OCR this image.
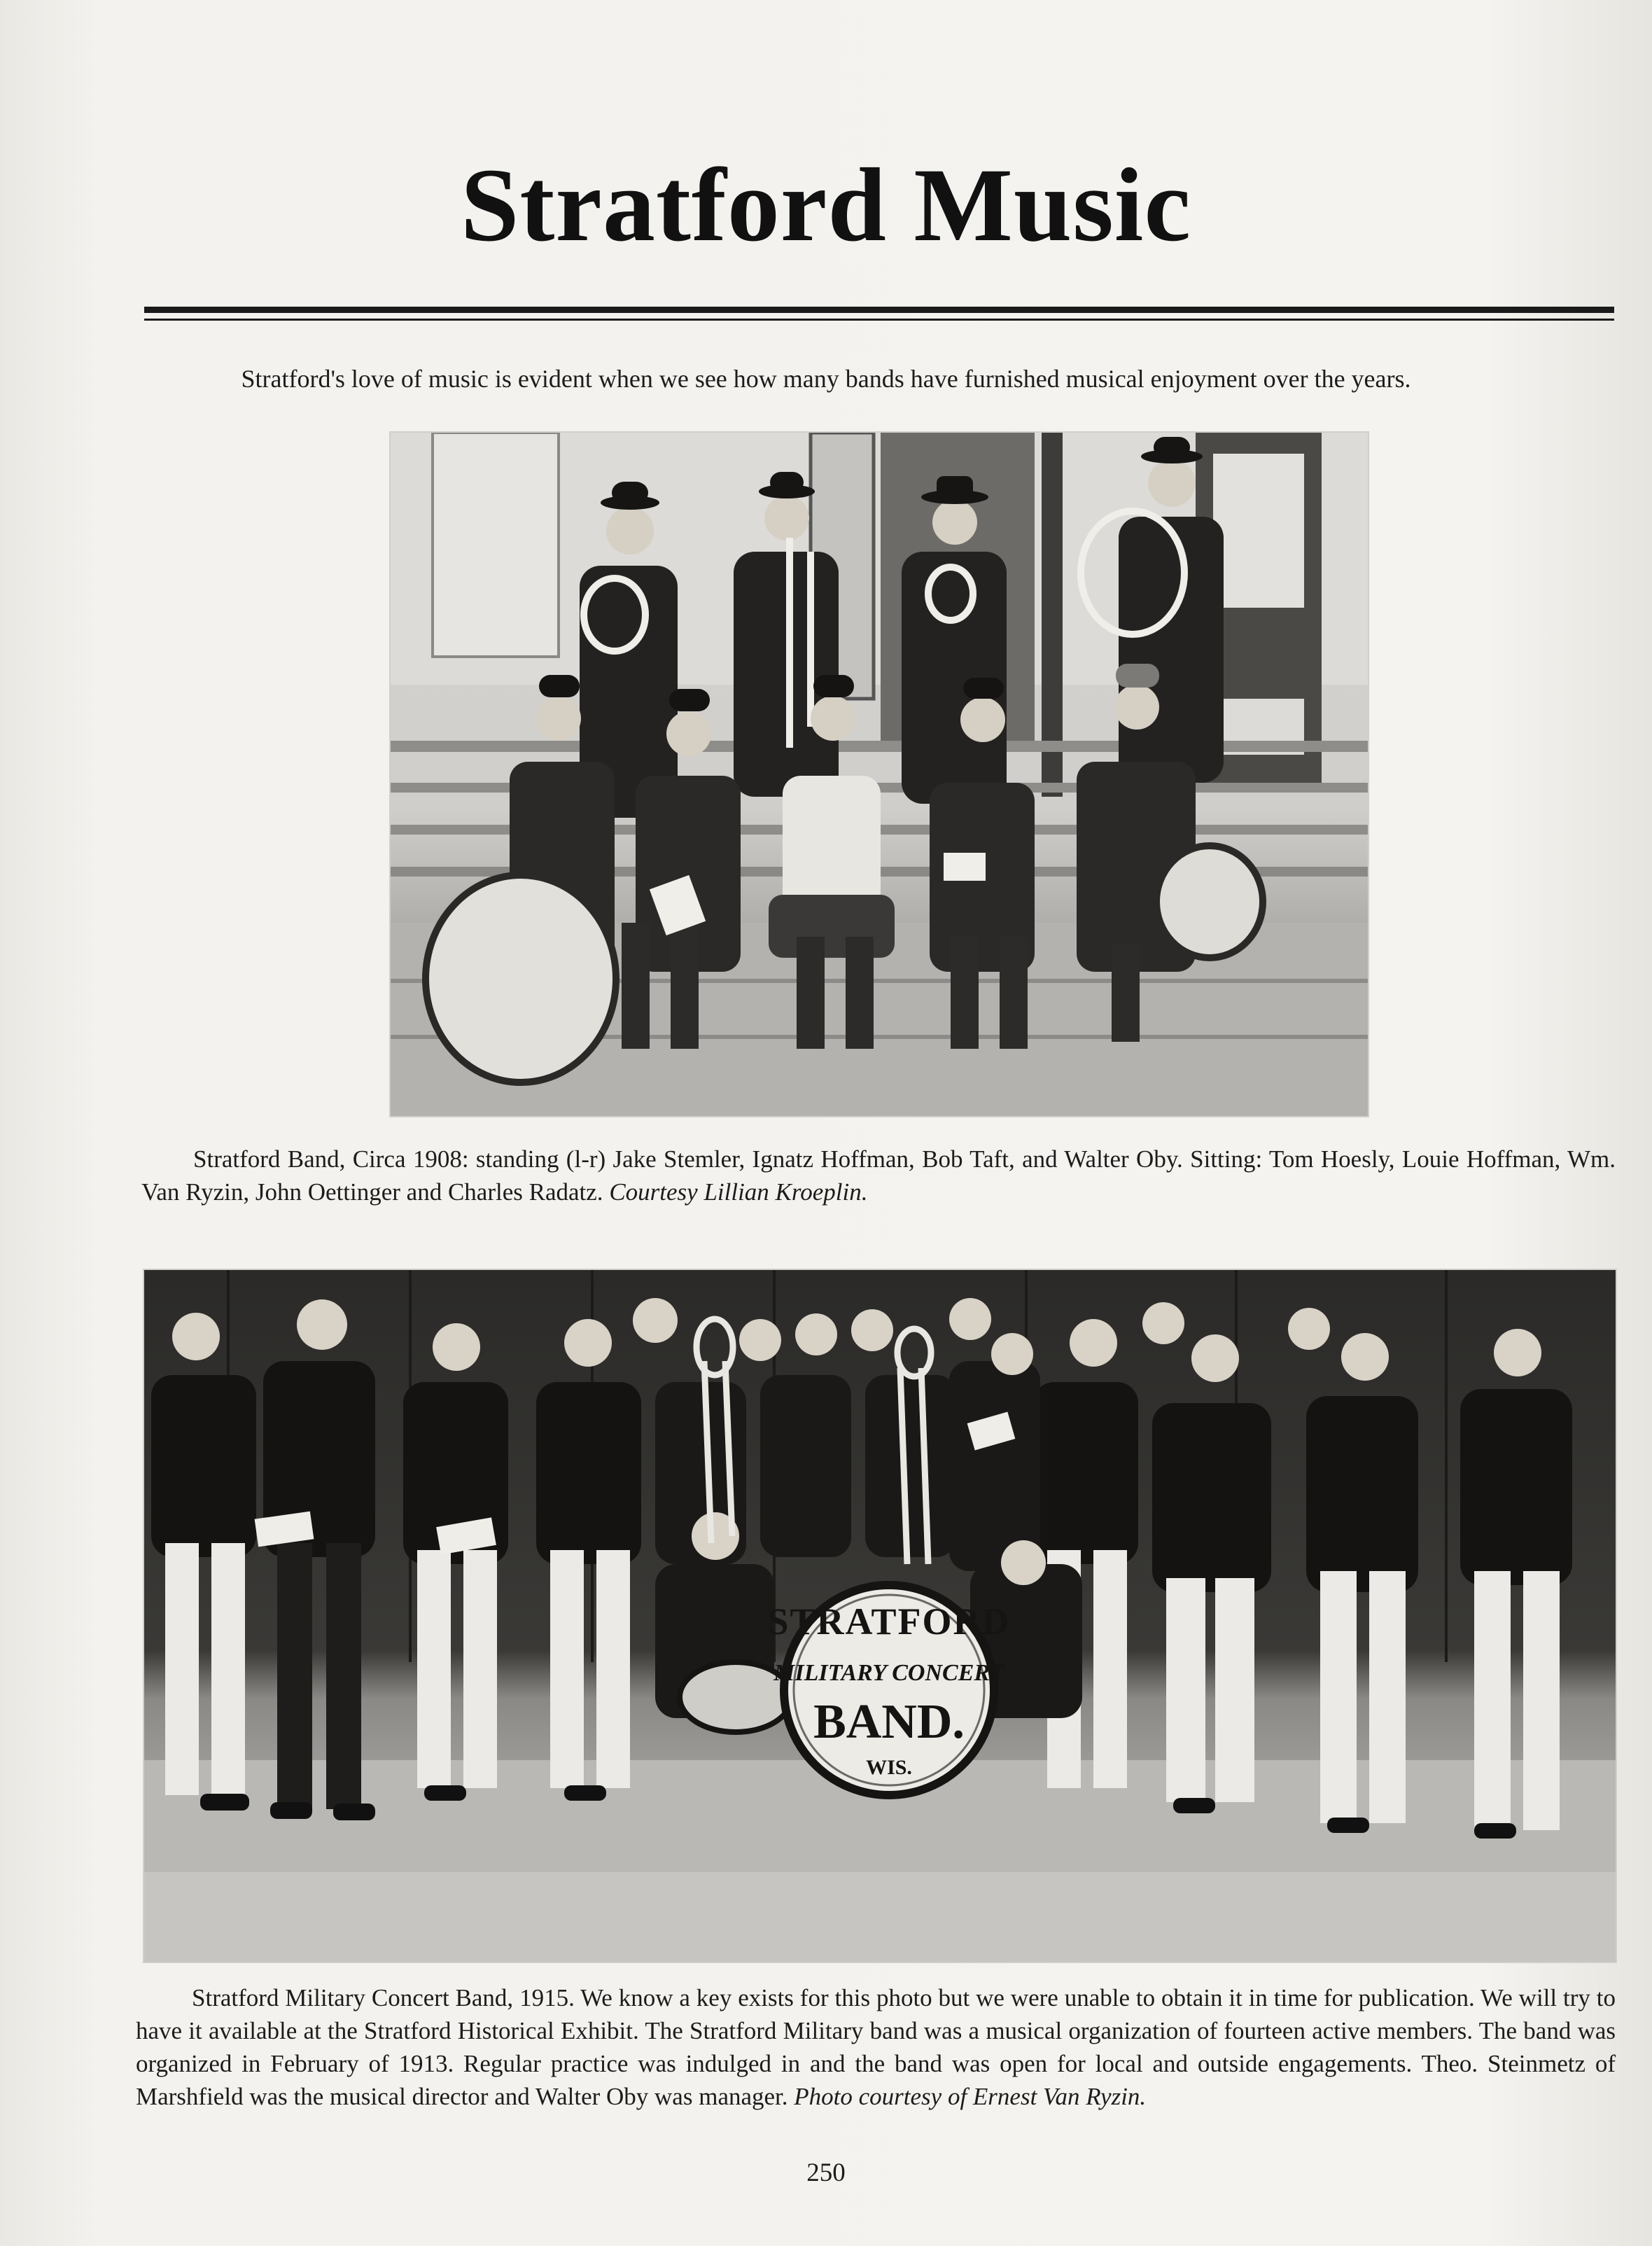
Stratford Music
Stratford's love of music is evident when we see how many bands have furnished musical enjoyment over the years.
Stratford Band, Circa 1908: standing (l-r) Jake Stemler, Ignatz Hoffman, Bob Taft, and Walter Oby. Sitting: Tom Hoesly, Louie Hoffman, Wm. Van Ryzin, John Oettinger and Charles Radatz. Courtesy Lillian Kroeplin.
STRATFORD
MILITARY CONCERT
BAND.
WIS.
Stratford Military Concert Band, 1915. We know a key exists for this photo but we were unable to obtain it in time for publication. We will try to have it available at the Stratford Historical Exhibit. The Stratford Military band was a musical organization of fourteen active members. The band was organized in February of 1913. Regular practice was indulged in and the band was open for local and outside engagements. Theo. Steinmetz of Marshfield was the musical director and Walter Oby was manager. Photo courtesy of Ernest Van Ryzin.
250
